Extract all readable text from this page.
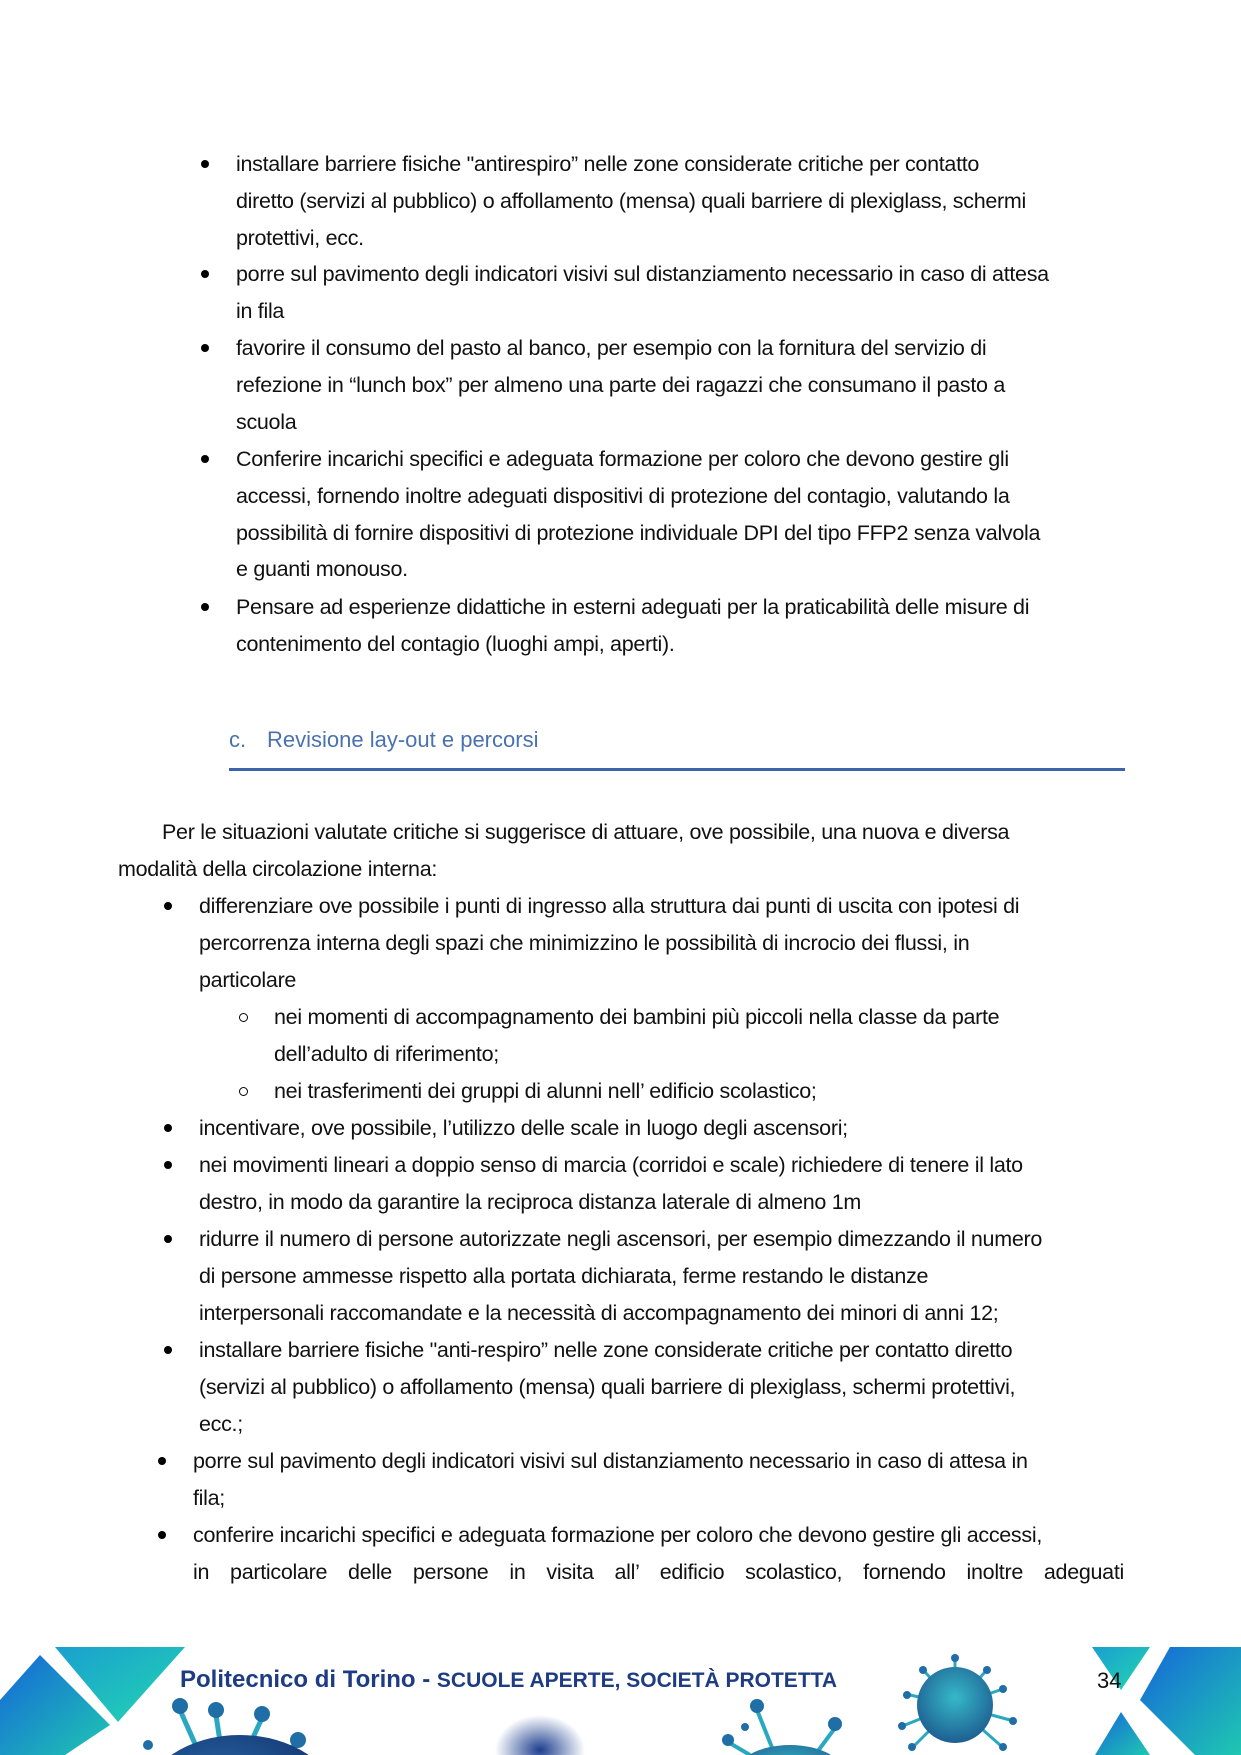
installare barriere fisiche "antirespiro” nelle zone considerate critiche per contatto
diretto (servizi al pubblico) o affollamento (mensa) quali barriere di plexiglass, schermi
protettivi, ecc.
porre sul pavimento degli indicatori visivi sul distanziamento necessario in caso di attesa
in fila
favorire il consumo del pasto al banco, per esempio con la fornitura del servizio di
refezione in “lunch box” per almeno una parte dei ragazzi che consumano il pasto a
scuola
Conferire incarichi specifici e adeguata formazione per coloro che devono gestire gli
accessi, fornendo inoltre adeguati dispositivi di protezione del contagio, valutando la
possibilità di fornire dispositivi di protezione individuale DPI del tipo FFP2 senza valvola
e guanti monouso.
Pensare ad esperienze didattiche in esterni adeguati per la praticabilità delle misure di
contenimento del contagio (luoghi ampi, aperti).
c. Revisione lay-out e percorsi
Per le situazioni valutate critiche si suggerisce di attuare, ove possibile, una nuova e diversa
modalità della circolazione interna:
differenziare ove possibile i punti di ingresso alla struttura dai punti di uscita con ipotesi di
percorrenza interna degli spazi che minimizzino le possibilità di incrocio dei flussi, in
particolare
nei momenti di accompagnamento dei bambini più piccoli nella classe da parte
dell’adulto di riferimento;
nei trasferimenti dei gruppi di alunni nell’ edificio scolastico;
incentivare, ove possibile, l’utilizzo delle scale in luogo degli ascensori;
nei movimenti lineari a doppio senso di marcia (corridoi e scale) richiedere di tenere il lato
destro, in modo da garantire la reciproca distanza laterale di almeno 1m
ridurre il numero di persone autorizzate negli ascensori, per esempio dimezzando il numero
di persone ammesse rispetto alla portata dichiarata, ferme restando le distanze
interpersonali raccomandate e la necessità di accompagnamento dei minori di anni 12;
installare barriere fisiche "anti-respiro” nelle zone considerate critiche per contatto diretto
(servizi al pubblico) o affollamento (mensa) quali barriere di plexiglass, schermi protettivi,
ecc.;
porre sul pavimento degli indicatori visivi sul distanziamento necessario in caso di attesa in
fila;
conferire incarichi specifici e adeguata formazione per coloro che devono gestire gli accessi,
in particolare delle persone in visita all’ edificio scolastico, fornendo inoltre adeguati
Politecnico di Torino - SCUOLE APERTE, SOCIETÀ PROTETTA	34
